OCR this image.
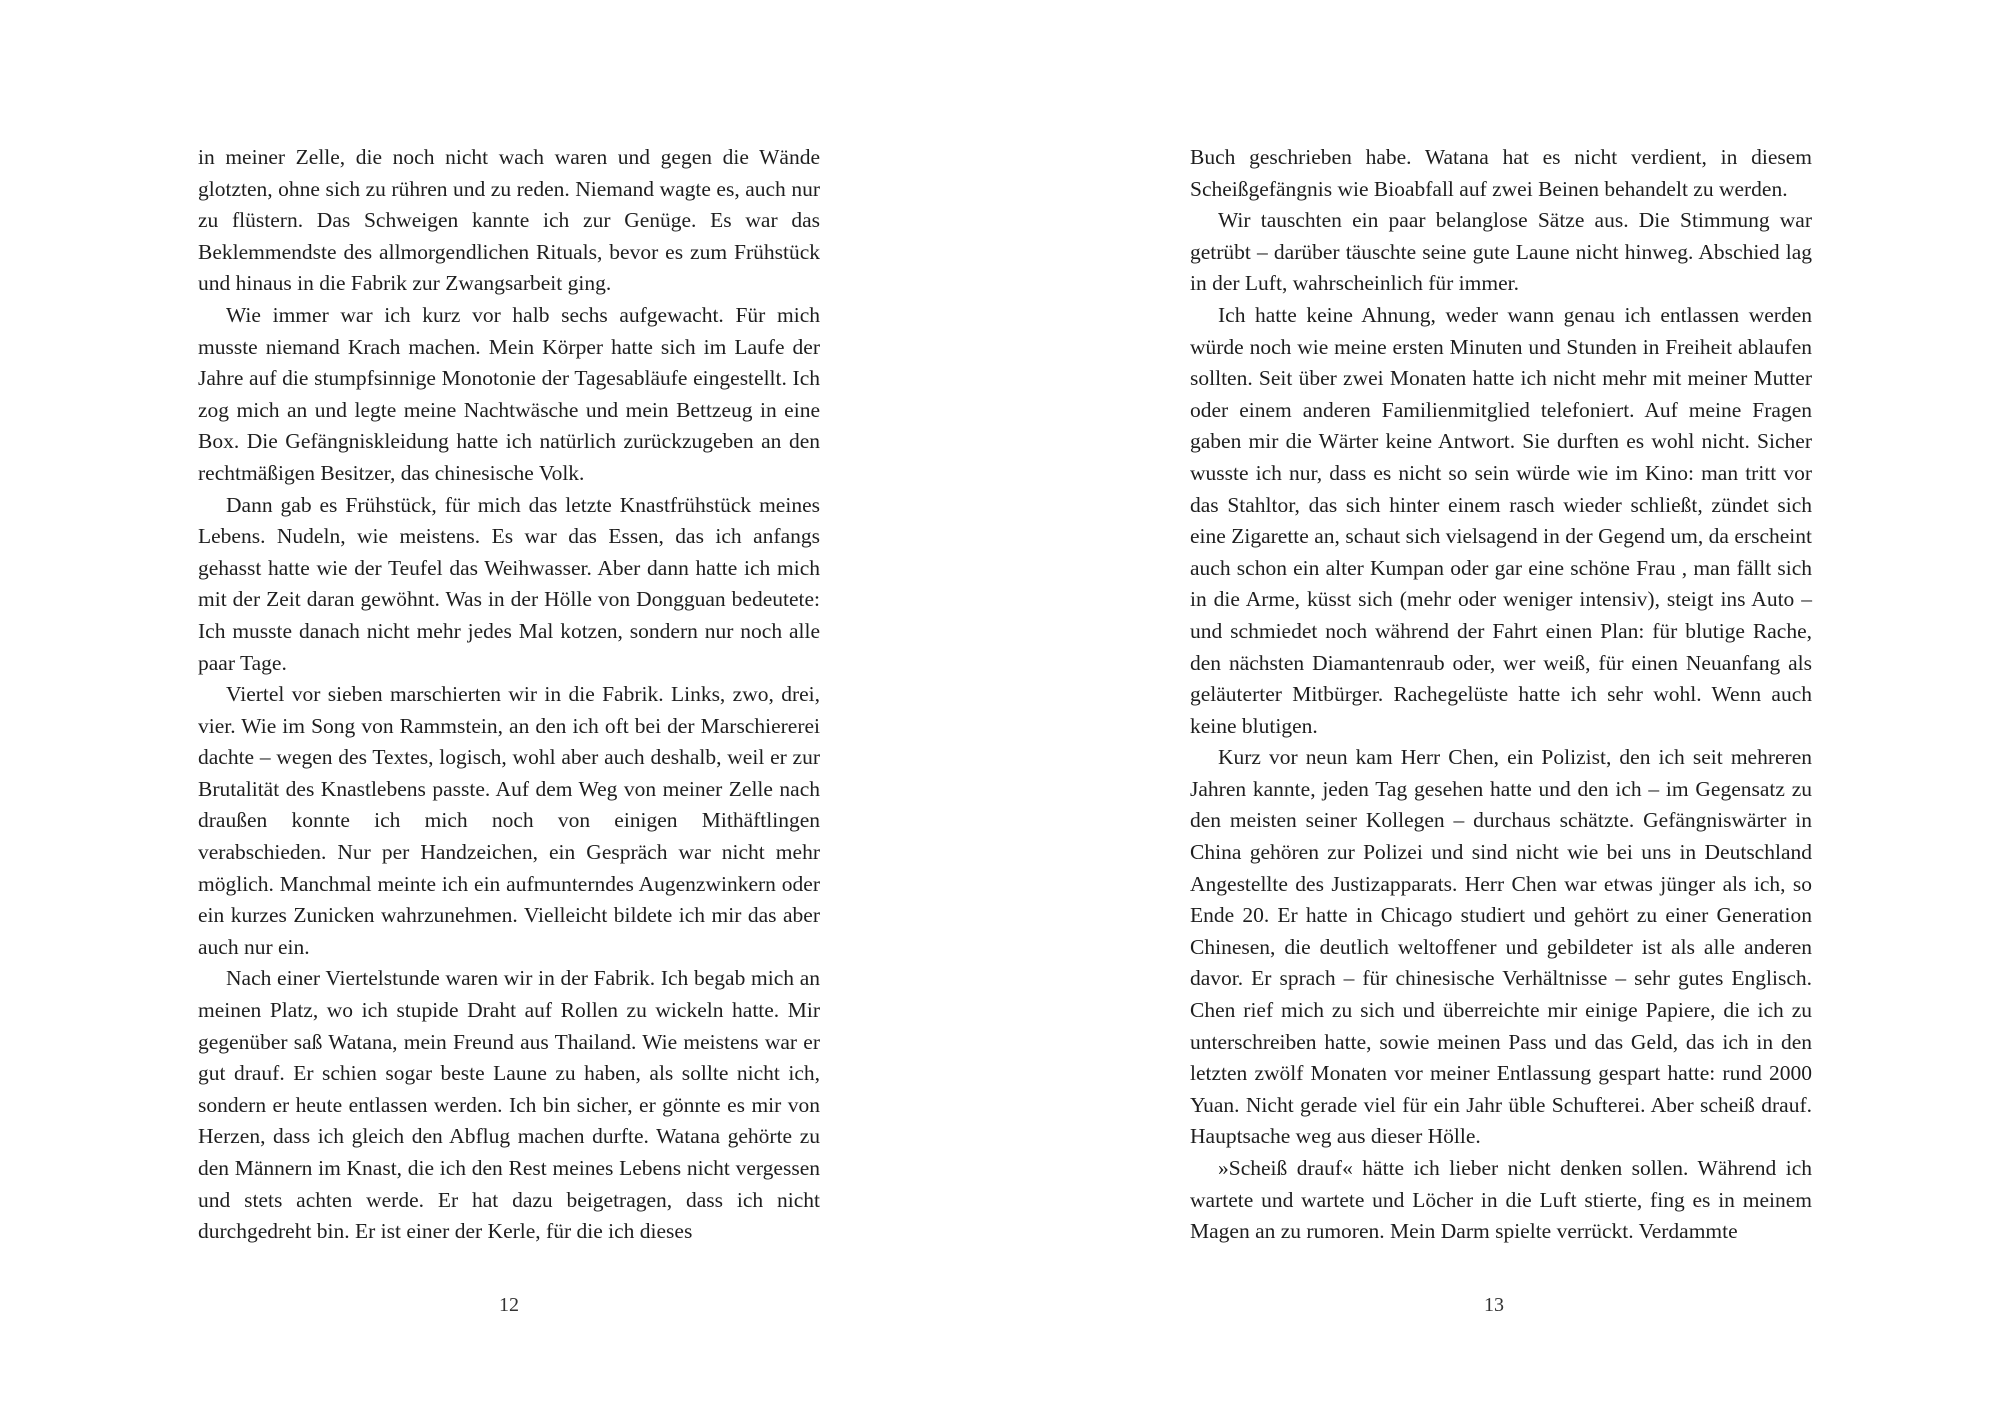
in meiner Zelle, die noch nicht wach waren und gegen die Wände glotzten, ohne sich zu rühren und zu reden. Niemand wagte es, auch nur zu flüstern. Das Schweigen kannte ich zur Genüge. Es war das Beklemmendste des allmorgendlichen Rituals, bevor es zum Frühstück und hinaus in die Fabrik zur Zwangsarbeit ging.

Wie immer war ich kurz vor halb sechs aufgewacht. Für mich musste niemand Krach machen. Mein Körper hatte sich im Laufe der Jahre auf die stumpfsinnige Monotonie der Tagesabläufe eingestellt. Ich zog mich an und legte meine Nachtwäsche und mein Bettzeug in eine Box. Die Gefängniskleidung hatte ich natürlich zurückzugeben an den rechtmäßigen Besitzer, das chinesische Volk.

Dann gab es Frühstück, für mich das letzte Knastfrühstück meines Lebens. Nudeln, wie meistens. Es war das Essen, das ich anfangs gehasst hatte wie der Teufel das Weihwasser. Aber dann hatte ich mich mit der Zeit daran gewöhnt. Was in der Hölle von Dongguan bedeutete: Ich musste danach nicht mehr jedes Mal kotzen, sondern nur noch alle paar Tage.

Viertel vor sieben marschierten wir in die Fabrik. Links, zwo, drei, vier. Wie im Song von Rammstein, an den ich oft bei der Marschiererei dachte – wegen des Textes, logisch, wohl aber auch deshalb, weil er zur Brutalität des Knastlebens passte. Auf dem Weg von meiner Zelle nach draußen konnte ich mich noch von einigen Mithäftlingen verabschieden. Nur per Handzeichen, ein Gespräch war nicht mehr möglich. Manchmal meinte ich ein aufmunterndes Augenzwinkern oder ein kurzes Zunicken wahrzunehmen. Vielleicht bildete ich mir das aber auch nur ein.

Nach einer Viertelstunde waren wir in der Fabrik. Ich begab mich an meinen Platz, wo ich stupide Draht auf Rollen zu wickeln hatte. Mir gegenüber saß Watana, mein Freund aus Thailand. Wie meistens war er gut drauf. Er schien sogar beste Laune zu haben, als sollte nicht ich, sondern er heute entlassen werden. Ich bin sicher, er gönnte es mir von Herzen, dass ich gleich den Abflug machen durfte. Watana gehörte zu den Männern im Knast, die ich den Rest meines Lebens nicht vergessen und stets achten werde. Er hat dazu beigetragen, dass ich nicht durchgedreht bin. Er ist einer der Kerle, für die ich dieses

12

Buch geschrieben habe. Watana hat es nicht verdient, in diesem Scheißgefängnis wie Bioabfall auf zwei Beinen behandelt zu werden.

Wir tauschten ein paar belanglose Sätze aus. Die Stimmung war getrübt – darüber täuschte seine gute Laune nicht hinweg. Abschied lag in der Luft, wahrscheinlich für immer.

Ich hatte keine Ahnung, weder wann genau ich entlassen werden würde noch wie meine ersten Minuten und Stunden in Freiheit ablaufen sollten. Seit über zwei Monaten hatte ich nicht mehr mit meiner Mutter oder einem anderen Familienmitglied telefoniert. Auf meine Fragen gaben mir die Wärter keine Antwort. Sie durften es wohl nicht. Sicher wusste ich nur, dass es nicht so sein würde wie im Kino: man tritt vor das Stahltor, das sich hinter einem rasch wieder schließt, zündet sich eine Zigarette an, schaut sich vielsagend in der Gegend um, da erscheint auch schon ein alter Kumpan oder gar eine schöne Frau , man fällt sich in die Arme, küsst sich (mehr oder weniger intensiv), steigt ins Auto – und schmiedet noch während der Fahrt einen Plan: für blutige Rache, den nächsten Diamantenraub oder, wer weiß, für einen Neuanfang als geläuterter Mitbürger. Rachegelüste hatte ich sehr wohl. Wenn auch keine blutigen.

Kurz vor neun kam Herr Chen, ein Polizist, den ich seit mehreren Jahren kannte, jeden Tag gesehen hatte und den ich – im Gegensatz zu den meisten seiner Kollegen – durchaus schätzte. Gefängniswärter in China gehören zur Polizei und sind nicht wie bei uns in Deutschland Angestellte des Justizapparats. Herr Chen war etwas jünger als ich, so Ende 20. Er hatte in Chicago studiert und gehört zu einer Generation Chinesen, die deutlich weltoffener und gebildeter ist als alle anderen davor. Er sprach – für chinesische Verhältnisse – sehr gutes Englisch. Chen rief mich zu sich und überreichte mir einige Papiere, die ich zu unterschreiben hatte, sowie meinen Pass und das Geld, das ich in den letzten zwölf Monaten vor meiner Entlassung gespart hatte: rund 2000 Yuan. Nicht gerade viel für ein Jahr üble Schufterei. Aber scheiß drauf. Hauptsache weg aus dieser Hölle.

»Scheiß drauf« hätte ich lieber nicht denken sollen. Während ich wartete und wartete und Löcher in die Luft stierte, fing es in meinem Magen an zu rumoren. Mein Darm spielte verrückt. Verdammte

13
